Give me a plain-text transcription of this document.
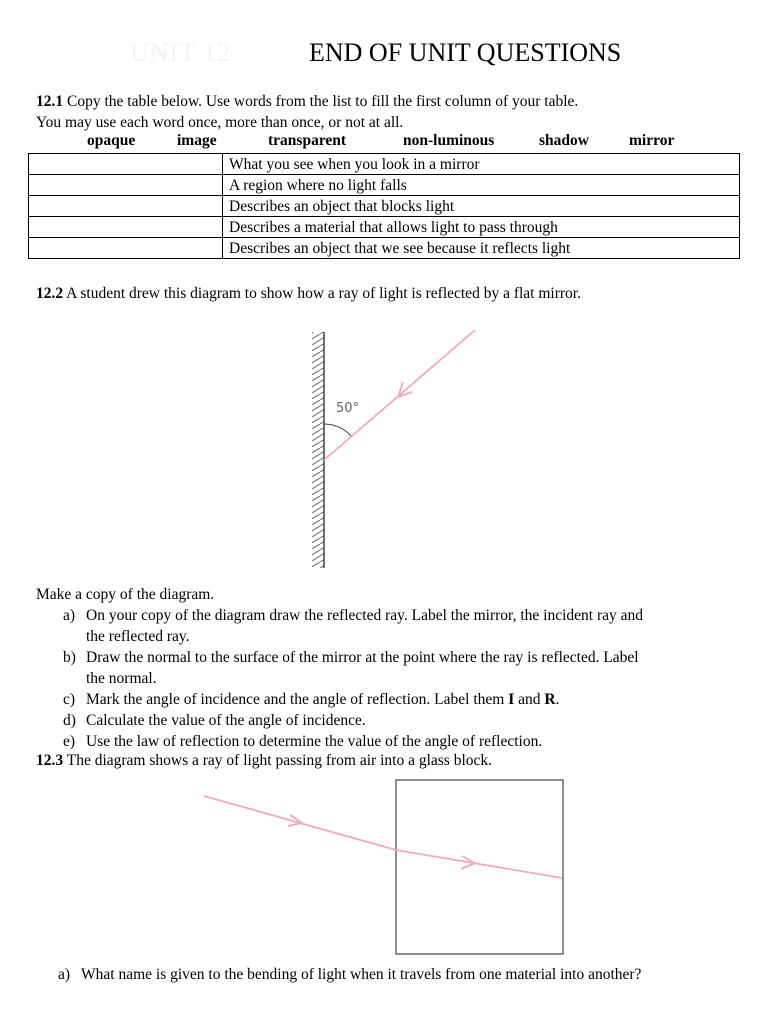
UNIT 12	END OF UNIT QUESTIONS
12.1 Copy the table below. Use words from the list to fill the first column of your table.
You may use each word once, more than once, or not at all.
opaque	image	transparent	non-luminous	shadow	mirror
	What you see when you look in a mirror
	A region where no light falls
	Describes an object that blocks light
	Describes a material that allows light to pass through
	Describes an object that we see because it reflects light
12.2 A student drew this diagram to show how a ray of light is reflected by a flat mirror.
50°
Make a copy of the diagram.
a) On your copy of the diagram draw the reflected ray. Label the mirror, the incident ray and
the reflected ray.
b) Draw the normal to the surface of the mirror at the point where the ray is reflected. Label
the normal.
c) Mark the angle of incidence and the angle of reflection. Label them I and R.
d) Calculate the value of the angle of incidence.
e) Use the law of reflection to determine the value of the angle of reflection.
12.3 The diagram shows a ray of light passing from air into a glass block.
a) What name is given to the bending of light when it travels from one material into another?
